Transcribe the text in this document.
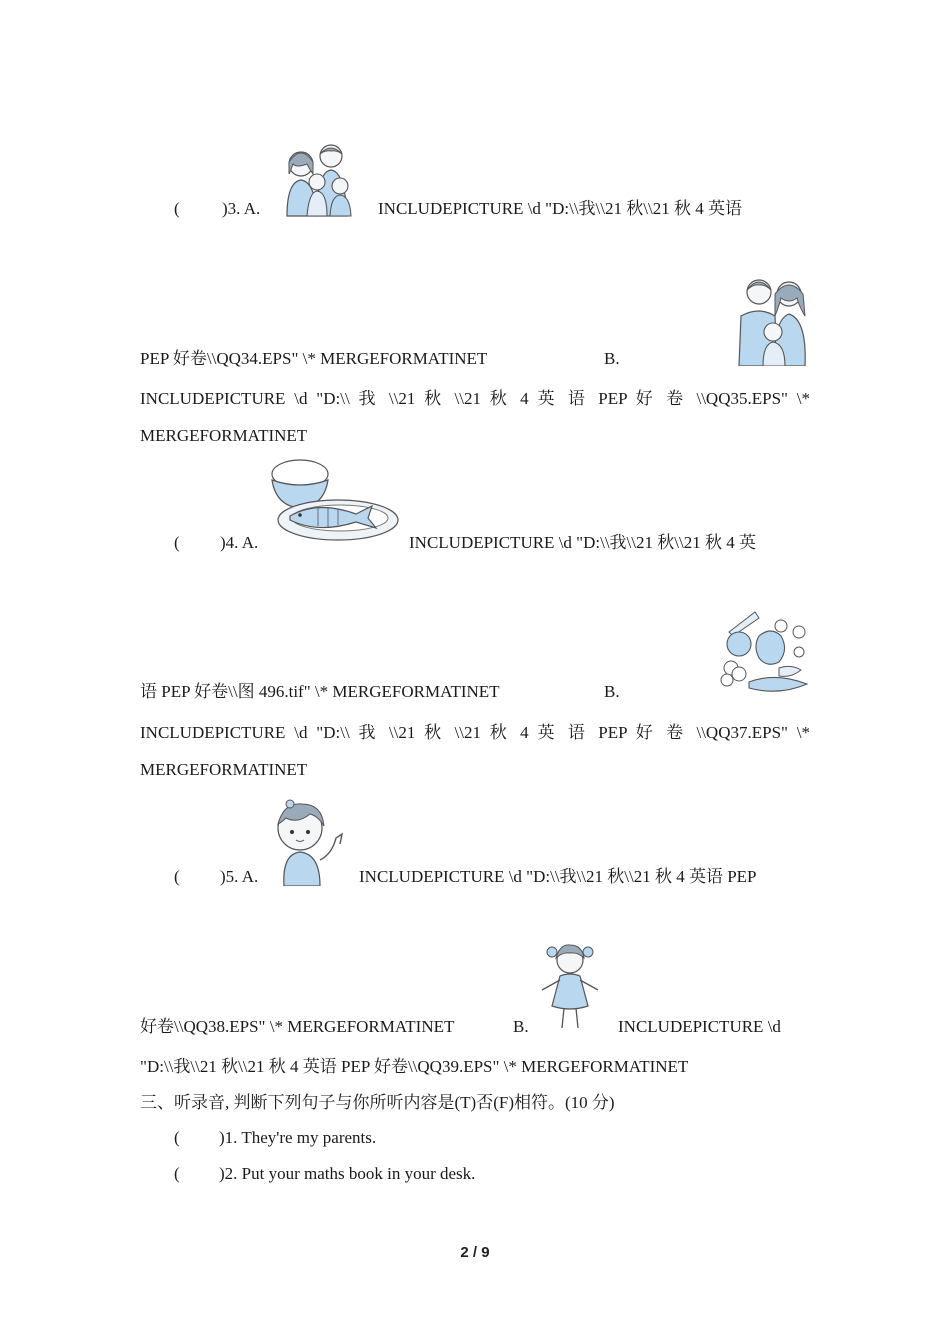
( )3. A.	INCLUDEPICTURE \d "D:\\我\\21 秋\\21 秋 4 英语
PEP 好卷\\QQ34.EPS" \* MERGEFORMATINET	B.
INCLUDEPICTURE \d "D:\\ 我 \\21 秋 \\21 秋 4 英 语 PEP 好 卷 \\QQ35.EPS" \*
MERGEFORMATINET
( )4. A.	INCLUDEPICTURE \d "D:\\我\\21 秋\\21 秋 4 英
语 PEP 好卷\\图 496.tif" \* MERGEFORMATINET	B.
INCLUDEPICTURE \d "D:\\ 我 \\21 秋 \\21 秋 4 英 语 PEP 好 卷 \\QQ37.EPS" \*
MERGEFORMATINET
( )5. A.	INCLUDEPICTURE \d "D:\\我\\21 秋\\21 秋 4 英语 PEP
好卷\\QQ38.EPS" \* MERGEFORMATINET	B.	INCLUDEPICTURE \d
"D:\\我\\21 秋\\21 秋 4 英语 PEP 好卷\\QQ39.EPS" \* MERGEFORMATINET
三、听录音, 判断下列句子与你所听内容是(T)否(F)相符。(10 分)
( )1. They're my parents.
( )2. Put your maths book in your desk.
2 / 9
